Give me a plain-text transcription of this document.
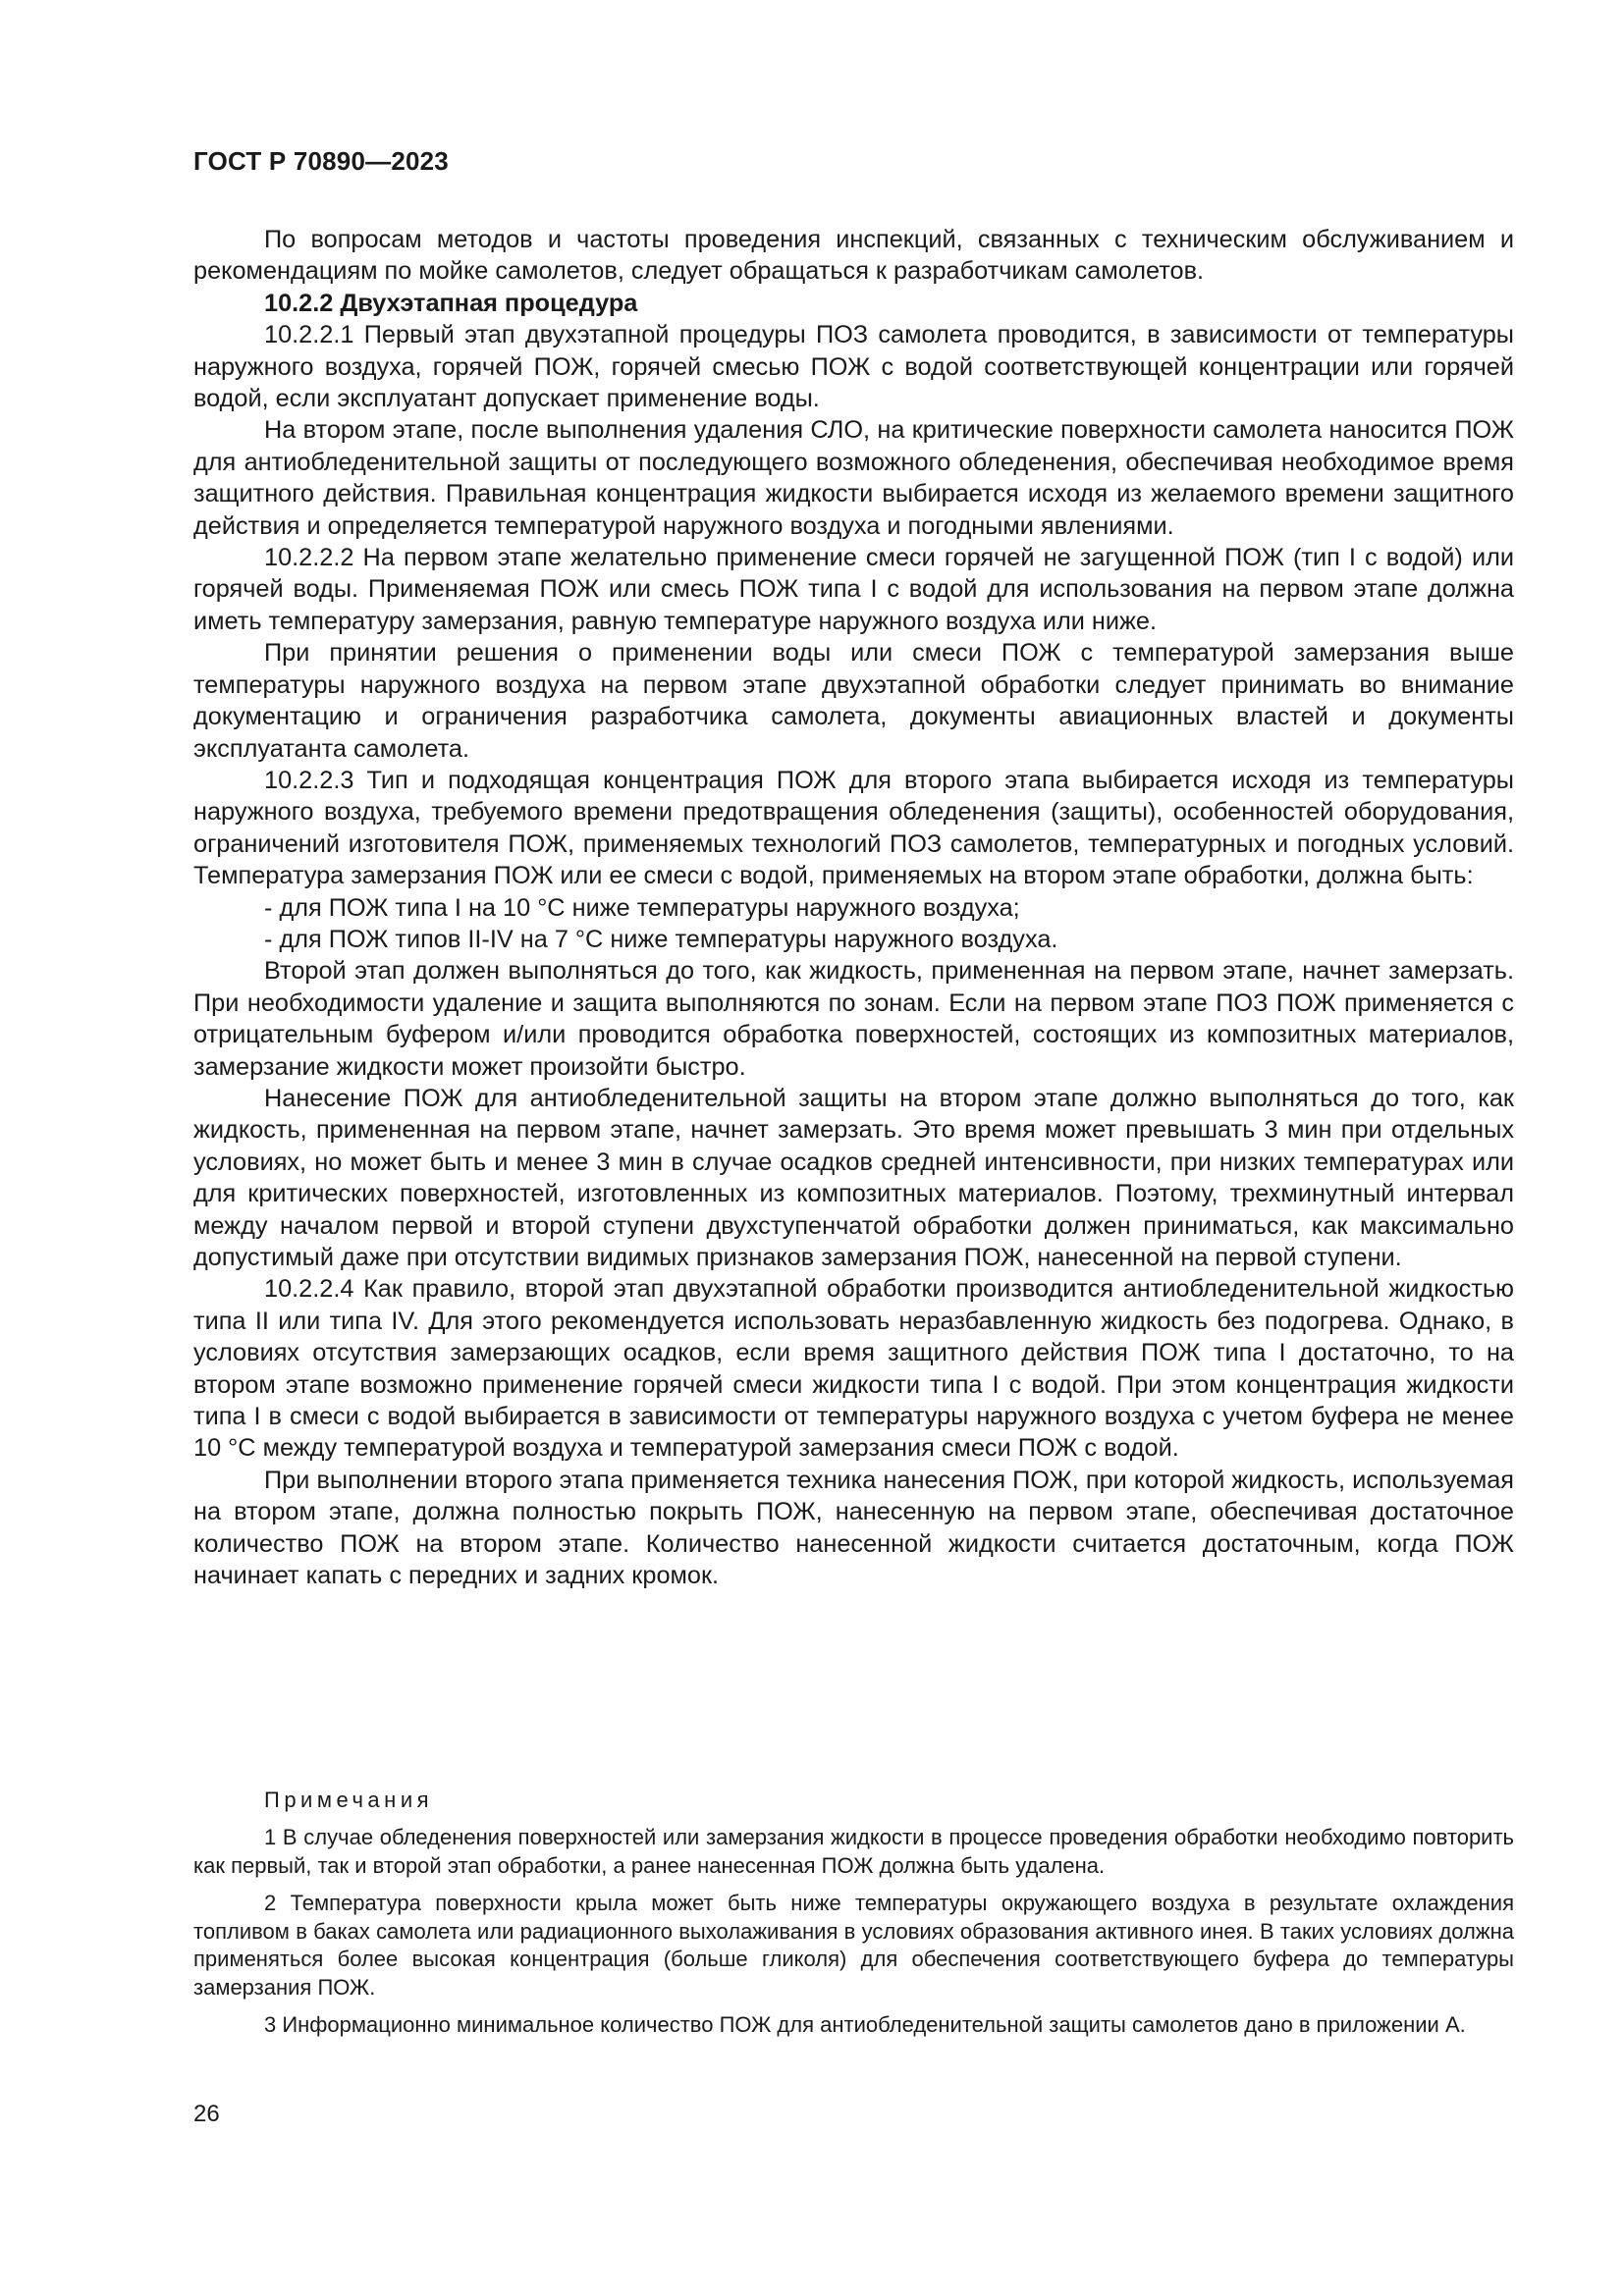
ГОСТ Р 70890—2023

По вопросам методов и частоты проведения инспекций, связанных с техническим обслуживанием и рекомендациям по мойке самолетов, следует обращаться к разработчикам самолетов.

10.2.2 Двухэтапная процедура

10.2.2.1 Первый этап двухэтапной процедуры ПОЗ самолета проводится, в зависимости от температуры наружного воздуха, горячей ПОЖ, горячей смесью ПОЖ с водой соответствующей концентрации или горячей водой, если эксплуатант допускает применение воды.

На втором этапе, после выполнения удаления СЛО, на критические поверхности самолета наносится ПОЖ для антиобледенительной защиты от последующего возможного обледенения, обеспечивая необходимое время защитного действия. Правильная концентрация жидкости выбирается исходя из желаемого времени защитного действия и определяется температурой наружного воздуха и погодными явлениями.

10.2.2.2 На первом этапе желательно применение смеси горячей не загущенной ПОЖ (тип I с водой) или горячей воды. Применяемая ПОЖ или смесь ПОЖ типа I с водой для использования на первом этапе должна иметь температуру замерзания, равную температуре наружного воздуха или ниже.

При принятии решения о применении воды или смеси ПОЖ с температурой замерзания выше температуры наружного воздуха на первом этапе двухэтапной обработки следует принимать во внимание документацию и ограничения разработчика самолета, документы авиационных властей и документы эксплуатанта самолета.

10.2.2.3 Тип и подходящая концентрация ПОЖ для второго этапа выбирается исходя из температуры наружного воздуха, требуемого времени предотвращения обледенения (защиты), особенностей оборудования, ограничений изготовителя ПОЖ, применяемых технологий ПОЗ самолетов, температурных и погодных условий. Температура замерзания ПОЖ или ее смеси с водой, применяемых на втором этапе обработки, должна быть:

- для ПОЖ типа I на 10 °С ниже температуры наружного воздуха;

- для ПОЖ типов II-IV на 7 °С ниже температуры наружного воздуха.

Второй этап должен выполняться до того, как жидкость, примененная на первом этапе, начнет замерзать. При необходимости удаление и защита выполняются по зонам. Если на первом этапе ПОЗ ПОЖ применяется с отрицательным буфером и/или проводится обработка поверхностей, состоящих из композитных материалов, замерзание жидкости может произойти быстро.

Нанесение ПОЖ для антиобледенительной защиты на втором этапе должно выполняться до того, как жидкость, примененная на первом этапе, начнет замерзать. Это время может превышать 3 мин при отдельных условиях, но может быть и менее 3 мин в случае осадков средней интенсивности, при низких температурах или для критических поверхностей, изготовленных из композитных материалов. Поэтому, трехминутный интервал между началом первой и второй ступени двухступенчатой обработки должен приниматься, как максимально допустимый даже при отсутствии видимых признаков замерзания ПОЖ, нанесенной на первой ступени.

10.2.2.4 Как правило, второй этап двухэтапной обработки производится антиобледенительной жидкостью типа II или типа IV. Для этого рекомендуется использовать неразбавленную жидкость без подогрева. Однако, в условиях отсутствия замерзающих осадков, если время защитного действия ПОЖ типа I достаточно, то на втором этапе возможно применение горячей смеси жидкости типа I с водой. При этом концентрация жидкости типа I в смеси с водой выбирается в зависимости от температуры наружного воздуха с учетом буфера не менее 10 °С между температурой воздуха и температурой замерзания смеси ПОЖ с водой.

При выполнении второго этапа применяется техника нанесения ПОЖ, при которой жидкость, используемая на втором этапе, должна полностью покрыть ПОЖ, нанесенную на первом этапе, обеспечивая достаточное количество ПОЖ на втором этапе. Количество нанесенной жидкости считается достаточным, когда ПОЖ начинает капать с передних и задних кромок.

Примечания

1 В случае обледенения поверхностей или замерзания жидкости в процессе проведения обработки необходимо повторить как первый, так и второй этап обработки, а ранее нанесенная ПОЖ должна быть удалена.

2 Температура поверхности крыла может быть ниже температуры окружающего воздуха в результате охлаждения топливом в баках самолета или радиационного выхолаживания в условиях образования активного инея. В таких условиях должна применяться более высокая концентрация (больше гликоля) для обеспечения соответствующего буфера до температуры замерзания ПОЖ.

3 Информационно минимальное количество ПОЖ для антиобледенительной защиты самолетов дано в приложении А.

26
